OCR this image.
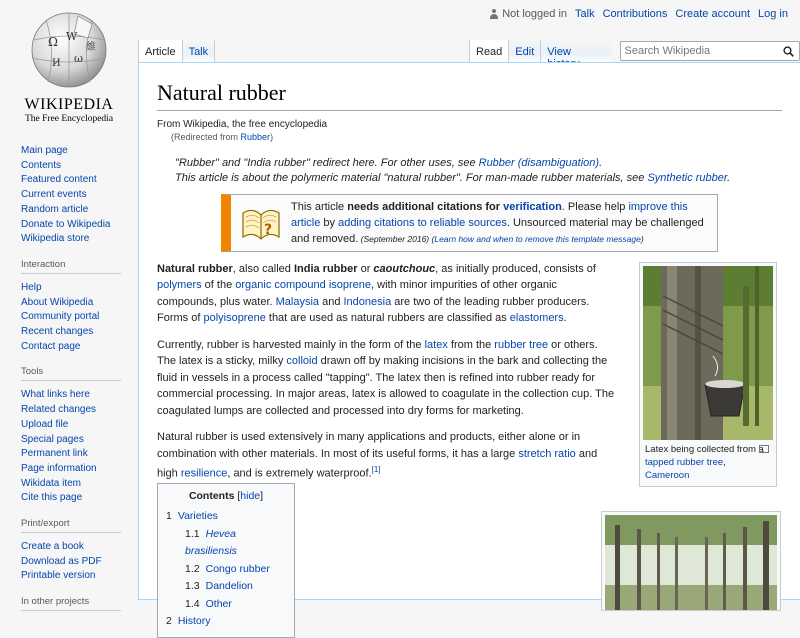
Not logged in Talk Contributions Create account Log in
Ω W
И ω
維
WIKIPEDIA
The Free Encyclopedia
Article	Talk	Read	Edit	View
Search Wikipedia
Main page
Contents
Featured content
Current events
Random article
Donate to Wikipedia
Wikipedia store
Interaction
Help
About Wikipedia
Community portal
Recent changes
Contact page
Tools
What links here
Related changes
Upload file
Special pages
Permanent link
Page information
Wikidata item
Cite this page
Print/export
Create a book
Download as PDF
Printable version
In other projects
Natural rubber
From Wikipedia, the free encyclopedia
(Redirected from Rubber)
"Rubber" and "India rubber" redirect here. For other uses, see Rubber (disambiguation).
This article is about the polymeric material "natural rubber". For man-made rubber materials, see Synthetic rubber.
?
This article needs additional citations for verification. Please help improve this article by adding citations to reliable sources. Unsourced material may be challenged and removed. (September 2016) (Learn how and when to remove this template message)

Natural rubber, also called India rubber or caoutchouc, as initially produced, consists of polymers of the organic compound isoprene, with minor impurities of other organic compounds, plus water. Malaysia and Indonesia are two of the leading rubber producers. Forms of polyisoprene that are used as natural rubbers are classified as elastomers.

Currently, rubber is harvested mainly in the form of the latex from the rubber tree or others. The latex is a sticky, milky colloid drawn off by making incisions in the bark and collecting the fluid in vessels in a process called "tapping". The latex then is refined into rubber ready for commercial processing. In major areas, latex is allowed to coagulate in the collection cup. The coagulated lumps are collected and processed into dry forms for marketing.

Natural rubber is used extensively in many applications and products, either alone or in combination with other materials. In most of its useful forms, it has a large stretch ratio and high resilience, and is extremely waterproof.[1]

Latex being collected from a tapped rubber tree, Cameroon
Contents [hide]
1 Varieties
1.1 Hevea brasiliensis
1.2 Congo rubber
1.3 Dandelion
1.4 Other
2 History
